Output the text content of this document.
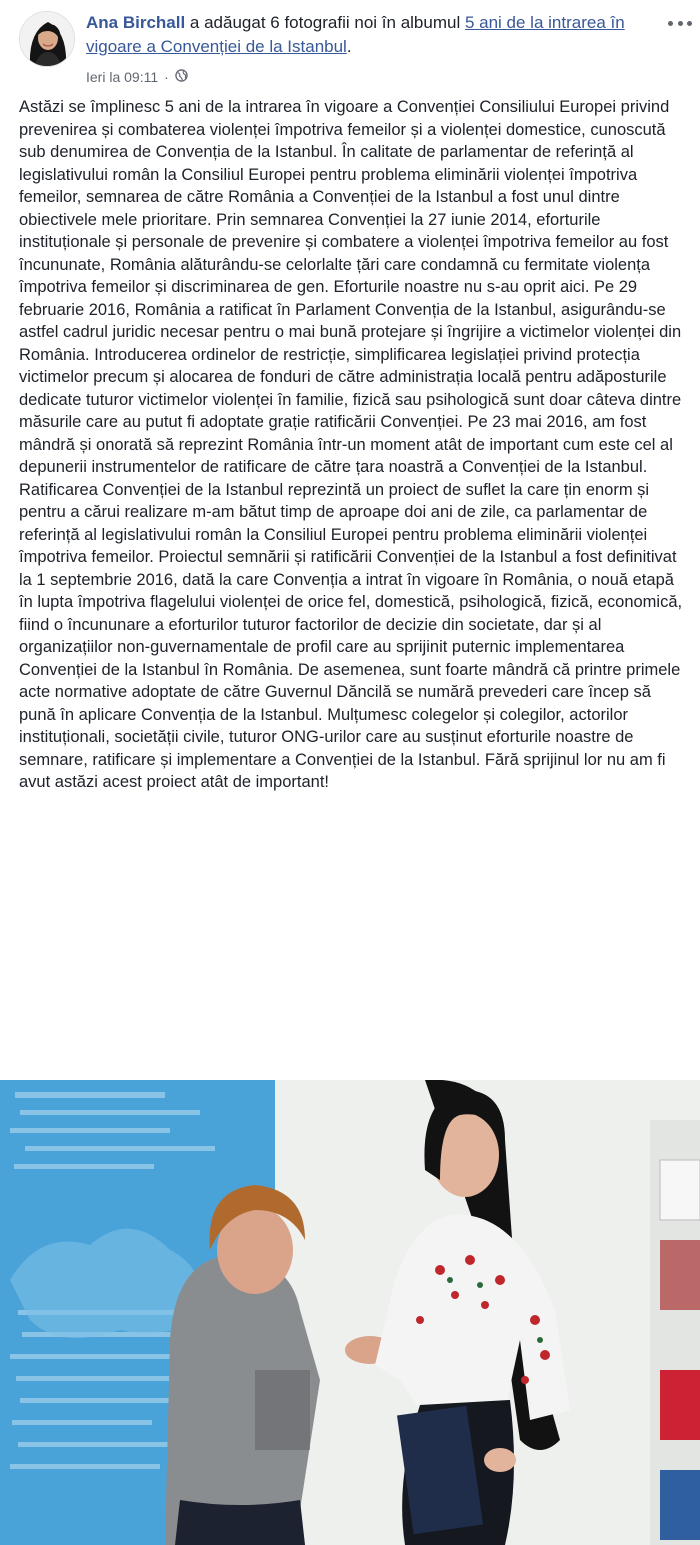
Ana Birchall a adăugat 6 fotografii noi în albumul 5 ani de la intrarea în vigoare a Convenției de la Istanbul.
Ieri la 09:11 ·
Astăzi se împlinesc 5 ani de la intrarea în vigoare a Convenției Consiliului Europei privind prevenirea și combaterea violenței împotriva femeilor și a violenței domestice, cunoscută sub denumirea de Convenția de la Istanbul. În calitate de parlamentar de referință al legislativului român la Consiliul Europei pentru problema eliminării violenței împotriva femeilor, semnarea de către România a Convenției de la Istanbul a fost unul dintre obiectivele mele prioritare. Prin semnarea Convenției la 27 iunie 2014, eforturile instituționale și personale de prevenire și combatere a violenței împotriva femeilor au fost încununate, România alăturându-se celorlalte țări care condamnă cu fermitate violența împotriva femeilor și discriminarea de gen. Eforturile noastre nu s-au oprit aici. Pe 29 februarie 2016, România a ratificat în Parlament Convenția de la Istanbul, asigurându-se astfel cadrul juridic necesar pentru o mai bună protejare și îngrijire a victimelor violenței din România. Introducerea ordinelor de restricție, simplificarea legislației privind protecția victimelor precum și alocarea de fonduri de către administrația locală pentru adăposturile dedicate tuturor victimelor violenței în familie, fizică sau psihologică sunt doar câteva dintre măsurile care au putut fi adoptate grație ratificării Convenției. Pe 23 mai 2016, am fost mândră și onorată să reprezint România într-un moment atât de important cum este cel al depunerii instrumentelor de ratificare de către țara noastră a Convenției de la Istanbul. Ratificarea Convenției de la Istanbul reprezintă un proiect de suflet la care țin enorm și pentru a cărui realizare m-am bătut timp de aproape doi ani de zile, ca parlamentar de referință al legislativului român la Consiliul Europei pentru problema eliminării violenței împotriva femeilor. Proiectul semnării și ratificării Convenției de la Istanbul a fost definitivat la 1 septembrie 2016, dată la care Convenția a intrat în vigoare în România, o nouă etapă în lupta împotriva flagelului violenței de orice fel, domestică, psihologică, fizică, economică, fiind o încununare a eforturilor tuturor factorilor de decizie din societate, dar și al organizațiilor non-guvernamentale de profil care au sprijinit puternic implementarea Convenției de la Istanbul în România. De asemenea, sunt foarte mândră că printre primele acte normative adoptate de către Guvernul Dăncilă se numără prevederi care încep să pună în aplicare Convenția de la Istanbul. Mulțumesc colegelor și colegilor, actorilor instituționali, societății civile, tuturor ONG-urilor care au susținut eforturile noastre de semnare, ratificare și implementare a Convenției de la Istanbul. Fără sprijinul lor nu am fi avut astăzi acest proiect atât de important!
